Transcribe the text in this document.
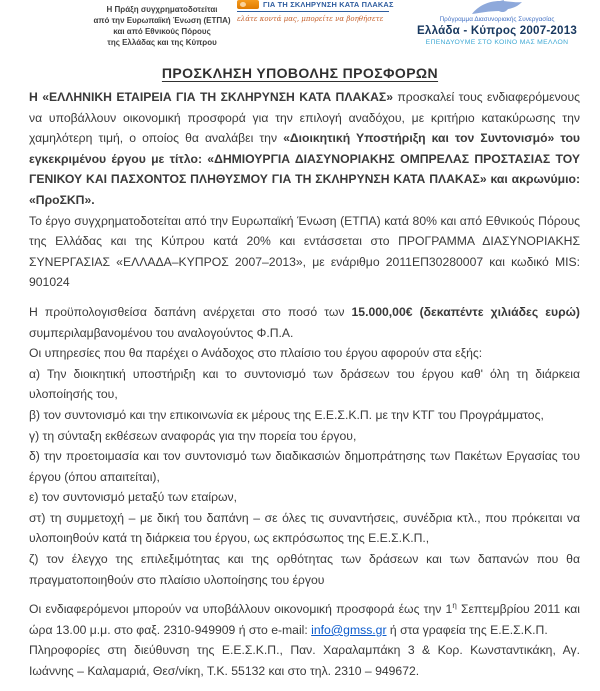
Η Πράξη συγχρηματοδοτείται
από την Ευρωπαϊκή Ένωση (ΕΤΠΑ)
και από Εθνικούς Πόρους
της Ελλάδας και της Κύπρου
ΓΙΑ ΤΗ ΣΚΛΗΡΥΝΣΗ ΚΑΤΑ ΠΛΑΚΑΣ
ελάτε κοντά μας, μπορείτε να βοηθήσετε	Πρόγραμμα Διασυνοριακής Συνεργασίας
Ελλάδα - Κύπρος 2007-2013
ΕΠΕΝΔΥΟΥΜΕ ΣΤΟ ΚΟΙΝΟ ΜΑΣ ΜΕΛΛΟΝ
ΠΡΟΣΚΛΗΣΗ ΥΠΟΒΟΛΗΣ ΠΡΟΣΦΟΡΩΝ

Η «ΕΛΛΗΝΙΚΗ ΕΤΑΙΡΕΙΑ ΓΙΑ ΤΗ ΣΚΛΗΡΥΝΣΗ ΚΑΤΑ ΠΛΑΚΑΣ» προσκαλεί τους ενδιαφερόμενους να υποβάλλουν οικονομική προσφορά για την επιλογή αναδόχου, με κριτήριο κατακύρωσης την χαμηλότερη τιμή, ο οποίος θα αναλάβει την «Διοικητική Υποστήριξη και τον Συντονισμό» του εγκεκριμένου έργου με τίτλο: «ΔΗΜΙΟΥΡΓΙΑ ΔΙΑΣΥΝΟΡΙΑΚΗΣ ΟΜΠΡΕΛΑΣ ΠΡΟΣΤΑΣΙΑΣ ΤΟΥ ΓΕΝΙΚΟΥ ΚΑΙ ΠΑΣΧΟΝΤΟΣ ΠΛΗΘΥΣΜΟΥ ΓΙΑ ΤΗ ΣΚΛΗΡΥΝΣΗ ΚΑΤΑ ΠΛΑΚΑΣ» και ακρωνύμιο: «ΠροΣΚΠ».

Το έργο συγχρηματοδοτείται από την Ευρωπαϊκή Ένωση (ΕΤΠΑ) κατά 80% και από Εθνικούς Πόρους της Ελλάδας και της Κύπρου κατά 20% και εντάσσεται στο ΠΡΟΓΡΑΜΜΑ ΔΙΑΣΥΝΟΡΙΑΚΗΣ ΣΥΝΕΡΓΑΣΙΑΣ «ΕΛΛΑΔΑ–ΚΥΠΡΟΣ 2007–2013», με ενάριθμο 2011ΕΠ30280007 και κωδικό MIS: 901024

Η προϋπολογισθείσα δαπάνη ανέρχεται στο ποσό των 15.000,00€ (δεκαπέντε χιλιάδες ευρώ) συμπεριλαμβανομένου του αναλογούντος Φ.Π.Α.

Οι υπηρεσίες που θα παρέχει ο Ανάδοχος στο πλαίσιο του έργου αφορούν στα εξής:

α) Την διοικητική υποστήριξη και το συντονισμό των δράσεων του έργου καθ' όλη τη διάρκεια υλοποίησής του,

β) τον συντονισμό και την επικοινωνία εκ μέρους της Ε.Ε.Σ.Κ.Π. με την ΚΤΓ του Προγράμματος,

γ) τη σύνταξη εκθέσεων αναφοράς για την πορεία του έργου,

δ) την προετοιμασία και τον συντονισμό των διαδικασιών δημοπράτησης των Πακέτων Εργασίας του έργου (όπου απαιτείται),

ε) τον συντονισμό μεταξύ των εταίρων,

στ) τη συμμετοχή – με δική του δαπάνη – σε όλες τις συναντήσεις, συνέδρια κτλ., που πρόκειται να υλοποιηθούν κατά τη διάρκεια του έργου, ως εκπρόσωπος της Ε.Ε.Σ.Κ.Π.,

ζ) τον έλεγχο της επιλεξιμότητας και της ορθότητας των δράσεων και των δαπανών που θα πραγματοποιηθούν στο πλαίσιο υλοποίησης του έργου

Οι ενδιαφερόμενοι μπορούν να υποβάλλουν οικονομική προσφορά έως την $1^\eta$ Σεπτεμβρίου 2011 και ώρα 13.00 μ.μ. στο φαξ. 2310-949909 ή στο e-mail: info@gmss.gr ή στα γραφεία της Ε.Ε.Σ.Κ.Π.

Πληροφορίες στη διεύθυνση της Ε.Ε.Σ.Κ.Π., Παν. Χαραλαμπάκη 3 & Κορ. Κωνσταντικάκη, Αγ. Ιωάννης – Καλαμαριά, Θεσ/νίκη, Τ.Κ. 55132 και στο τηλ. 2310 – 949672.
